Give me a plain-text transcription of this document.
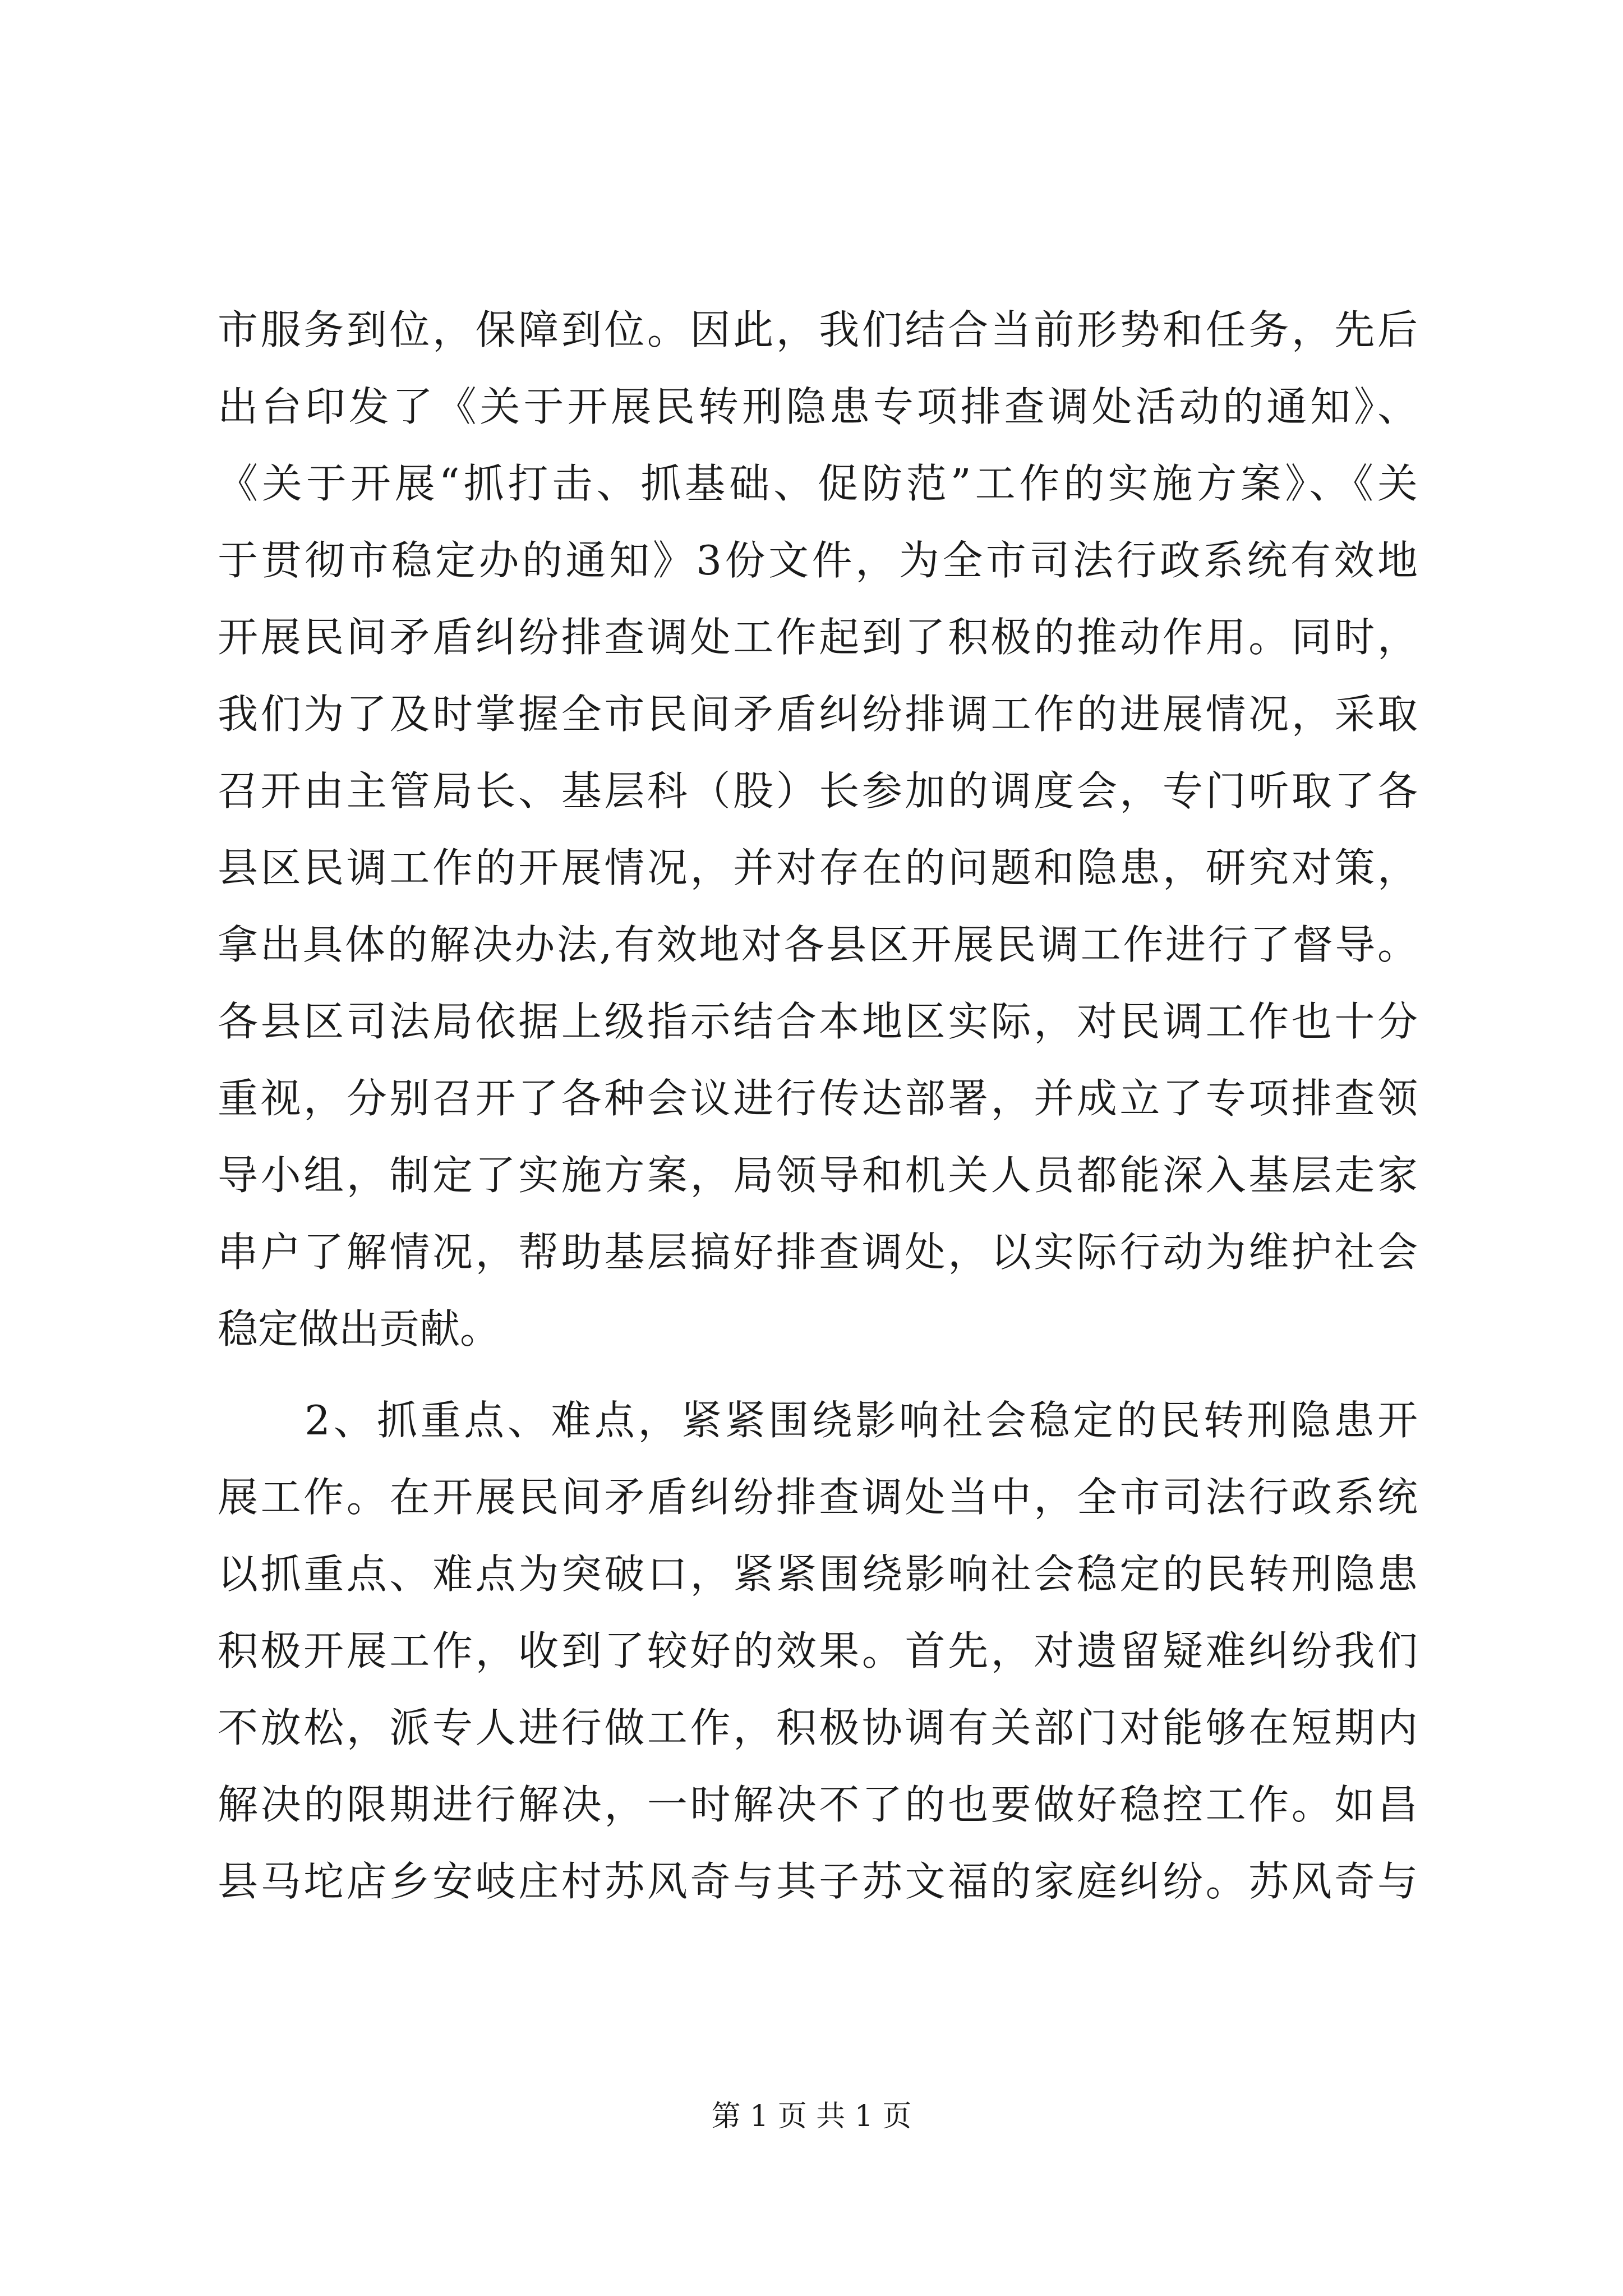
市服务到位，保障到位。因此，我们结合当前形势和任务，先后
出台印发了《关于开展民转刑隐患专项排查调处活动的通知》、
《关于开展“抓打击、抓基础、促防范”工作的实施方案》、《关
于贯彻市稳定办的通知》3份文件，为全市司法行政系统有效地
开展民间矛盾纠纷排查调处工作起到了积极的推动作用。同时，
我们为了及时掌握全市民间矛盾纠纷排调工作的进展情况，采取
召开由主管局长、基层科（股）长参加的调度会，专门听取了各
县区民调工作的开展情况，并对存在的问题和隐患，研究对策，
拿出具体的解决办法,有效地对各县区开展民调工作进行了督导。
各县区司法局依据上级指示结合本地区实际，对民调工作也十分
重视，分别召开了各种会议进行传达部署，并成立了专项排查领
导小组，制定了实施方案，局领导和机关人员都能深入基层走家
串户了解情况，帮助基层搞好排查调处，以实际行动为维护社会
稳定做出贡献。
　　2、抓重点、难点，紧紧围绕影响社会稳定的民转刑隐患开
展工作。在开展民间矛盾纠纷排查调处当中，全市司法行政系统
以抓重点、难点为突破口，紧紧围绕影响社会稳定的民转刑隐患
积极开展工作，收到了较好的效果。首先，对遗留疑难纠纷我们
不放松，派专人进行做工作，积极协调有关部门对能够在短期内
解决的限期进行解决，一时解决不了的也要做好稳控工作。如昌
县马坨店乡安岐庄村苏风奇与其子苏文福的家庭纠纷。苏风奇与
第 1 页 共 1 页
